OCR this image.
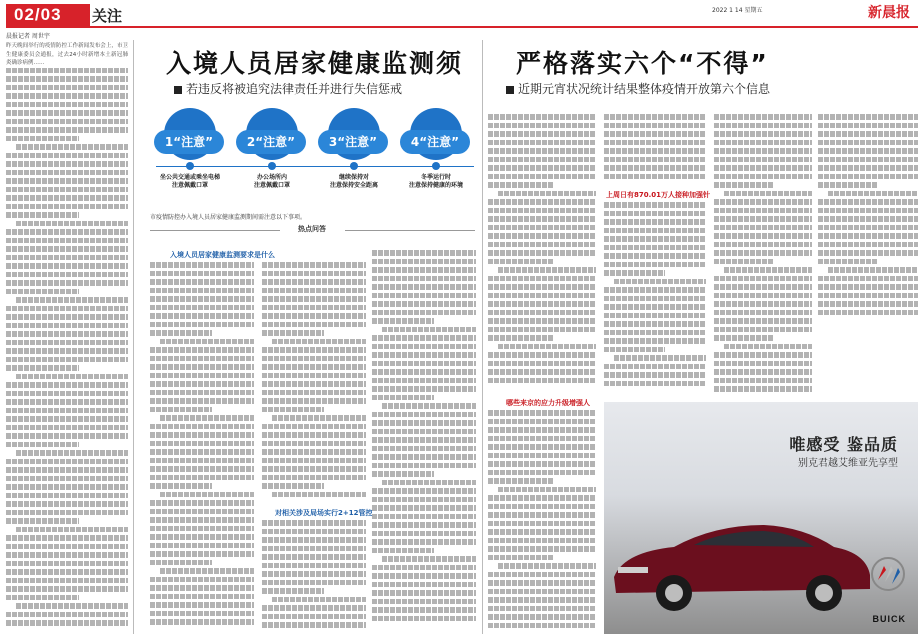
02/03	关注	2022 1 14 星期五	新晨报
晨报记者 周世宇
昨天晚间举行的疫情防控工作新闻发布会上，市卫生健康委员会通报，过去24小时新增本土新冠肺炎确诊病例……	入境人员居家健康监测须
若违反将被追究法律责任并进行失信惩戒
1“注意”
坐公共交通或乘坐电梯
注意佩戴口罩
2“注意”
办公场所内
注意佩戴口罩
3“注意”
继续保持对
注意保持安全距离
4“注意”
冬季运行时
注意保持健康的环境
市疫情防控办入境人员居家健康监测期间需注意以下事项。
热点问答
入境人员居家健康监测要求是什么
对相关涉及局场实行2+12管控
严格落实六个“不得”
近期元宵状况统计结果整体疫情开放第六个信息
上周日有870.01万人接种加强针
哪些来京的应力升级增强人
唯感受 鉴品质
别克君越艾维亚先享型
BUICK
